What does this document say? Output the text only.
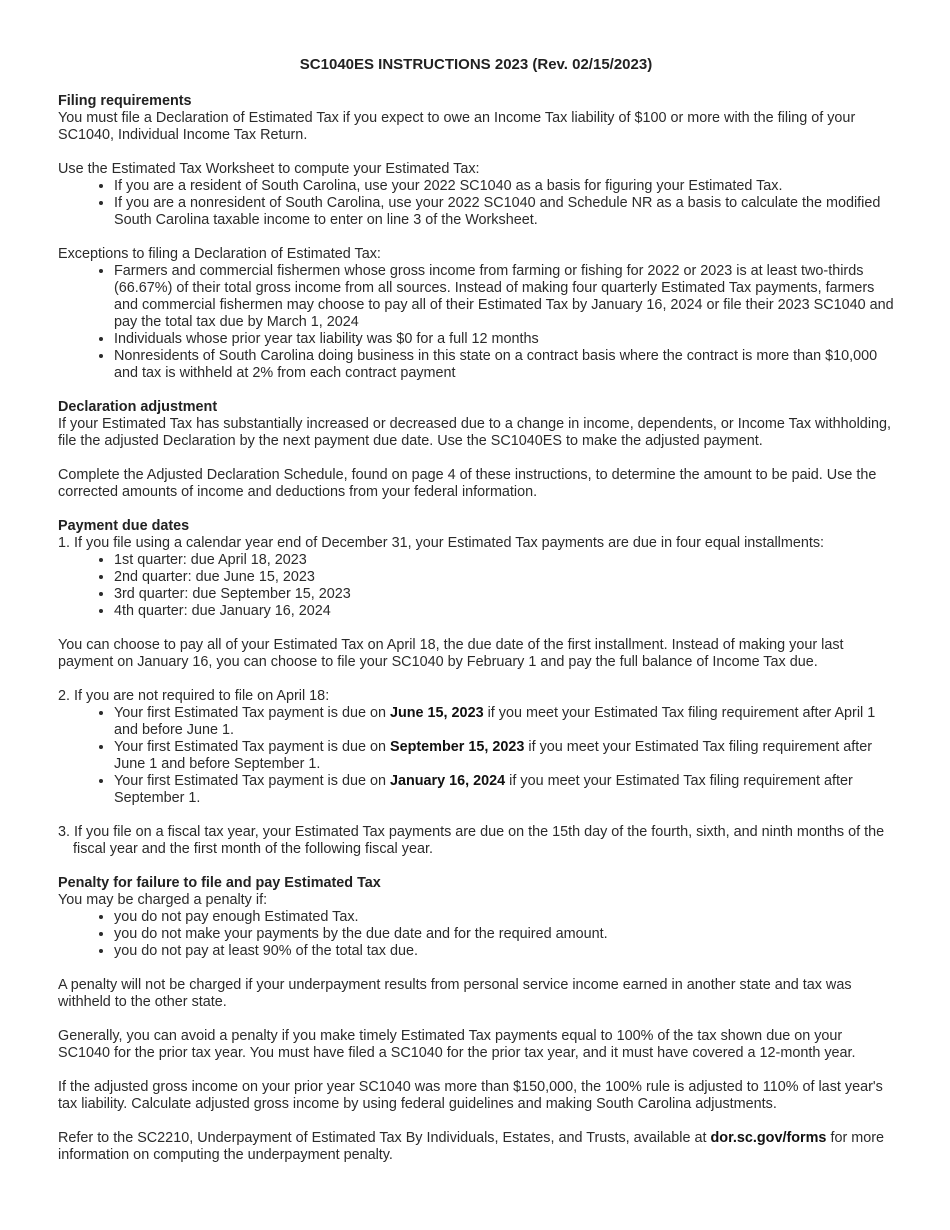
SC1040ES INSTRUCTIONS 2023 (Rev. 02/15/2023)
Filing requirements

You must file a Declaration of Estimated Tax if you expect to owe an Income Tax liability of $100 or more with the filing of your SC1040, Individual Income Tax Return.

Use the Estimated Tax Worksheet to compute your Estimated Tax:

• If you are a resident of South Carolina, use your 2022 SC1040 as a basis for figuring your Estimated Tax.
• If you are a nonresident of South Carolina, use your 2022 SC1040 and Schedule NR as a basis to calculate the modified South Carolina taxable income to enter on line 3 of the Worksheet.

Exceptions to filing a Declaration of Estimated Tax:

• Farmers and commercial fishermen whose gross income from farming or fishing for 2022 or 2023 is at least two-thirds (66.67%) of their total gross income from all sources. Instead of making four quarterly Estimated Tax payments, farmers and commercial fishermen may choose to pay all of their Estimated Tax by January 16, 2024 or file their 2023 SC1040 and pay the total tax due by March 1, 2024
• Individuals whose prior year tax liability was $0 for a full 12 months
• Nonresidents of South Carolina doing business in this state on a contract basis where the contract is more than $10,000 and tax is withheld at 2% from each contract payment
Declaration adjustment

If your Estimated Tax has substantially increased or decreased due to a change in income, dependents, or Income Tax withholding, file the adjusted Declaration by the next payment due date. Use the SC1040ES to make the adjusted payment.

Complete the Adjusted Declaration Schedule, found on page 4 of these instructions, to determine the amount to be paid. Use the corrected amounts of income and deductions from your federal information.

Payment due dates

1. If you file using a calendar year end of December 31, your Estimated Tax payments are due in four equal installments:

• 1st quarter: due April 18, 2023
• 2nd quarter: due June 15, 2023
• 3rd quarter: due September 15, 2023
• 4th quarter: due January 16, 2024

You can choose to pay all of your Estimated Tax on April 18, the due date of the first installment. Instead of making your last payment on January 16, you can choose to file your SC1040 by February 1 and pay the full balance of Income Tax due.

2. If you are not required to file on April 18:

• Your first Estimated Tax payment is due on June 15, 2023 if you meet your Estimated Tax filing requirement after April 1 and before June 1.
• Your first Estimated Tax payment is due on September 15, 2023 if you meet your Estimated Tax filing requirement after June 1 and before September 1.
• Your first Estimated Tax payment is due on January 16, 2024 if you meet your Estimated Tax filing requirement after September 1.

3. If you file on a fiscal tax year, your Estimated Tax payments are due on the 15th day of the fourth, sixth, and ninth months of the fiscal year and the first month of the following fiscal year.

Penalty for failure to file and pay Estimated Tax

You may be charged a penalty if:

• you do not pay enough Estimated Tax.
• you do not make your payments by the due date and for the required amount.
• you do not pay at least 90% of the total tax due.

A penalty will not be charged if your underpayment results from personal service income earned in another state and tax was withheld to the other state.

Generally, you can avoid a penalty if you make timely Estimated Tax payments equal to 100% of the tax shown due on your SC1040 for the prior tax year. You must have filed a SC1040 for the prior tax year, and it must have covered a 12-month year.

If the adjusted gross income on your prior year SC1040 was more than $150,000, the 100% rule is adjusted to 110% of last year's tax liability. Calculate adjusted gross income by using federal guidelines and making South Carolina adjustments.

Refer to the SC2210, Underpayment of Estimated Tax By Individuals, Estates, and Trusts, available at dor.sc.gov/forms for more information on computing the underpayment penalty.
